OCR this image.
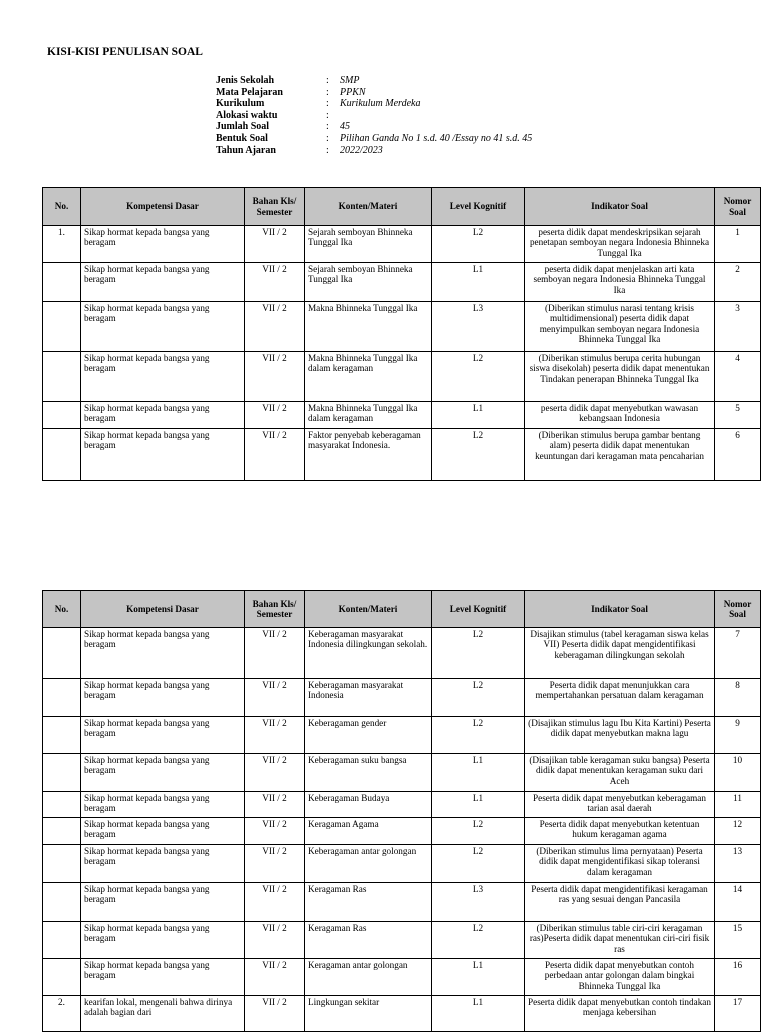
KISI-KISI PENULISAN SOAL
Jenis Sekolah	:	SMP
Mata Pelajaran	:	PPKN
Kurikulum	:	Kurikulum Merdeka
Alokasi waktu	:
Jumlah Soal	:	45
Bentuk Soal	:	Pilihan Ganda No 1 s.d. 40 /Essay no 41 s.d. 45
Tahun Ajaran	:	2022/2023
No.	Kompetensi Dasar	Bahan Kls/ Semester	Konten/Materi	Level Kognitif	Indikator Soal	Nomor Soal
1.	Sikap hormat kepada bangsa yang beragam	VII / 2	Sejarah semboyan Bhinneka Tunggal Ika	L2	peserta didik dapat mendeskripsikan sejarah penetapan semboyan negara Indonesia Bhinneka Tunggal Ika	1
	Sikap hormat kepada bangsa yang beragam	VII / 2	Sejarah semboyan Bhinneka Tunggal Ika	L1	peserta didik dapat menjelaskan arti kata semboyan negara Indonesia Bhinneka Tunggal Ika	2
	Sikap hormat kepada bangsa yang beragam	VII / 2	Makna Bhinneka Tunggal Ika	L3	(Diberikan stimulus narasi tentang krisis multidimensional) peserta didik dapat menyimpulkan semboyan negara Indonesia Bhinneka Tunggal Ika	3
	Sikap hormat kepada bangsa yang beragam	VII / 2	Makna Bhinneka Tunggal Ika dalam keragaman	L2	(Diberikan stimulus berupa cerita hubungan siswa disekolah) peserta didik dapat menentukan Tindakan penerapan Bhinneka Tunggal Ika	4
	Sikap hormat kepada bangsa yang beragam	VII / 2	Makna Bhinneka Tunggal Ika dalam keragaman	L1	peserta didik dapat menyebutkan wawasan kebangsaan Indonesia	5
	Sikap hormat kepada bangsa yang beragam	VII / 2	Faktor penyebab keberagaman masyarakat Indonesia.	L2	(Diberikan stimulus berupa gambar bentang alam) peserta didik dapat menentukan keuntungan dari keragaman mata pencaharian	6
No.	Kompetensi Dasar	Bahan Kls/ Semester	Konten/Materi	Level Kognitif	Indikator Soal	Nomor Soal
	Sikap hormat kepada bangsa yang beragam	VII / 2	Keberagaman masyarakat Indonesia dilingkungan sekolah.	L2	Disajikan stimulus (tabel keragaman siswa kelas VII) Peserta didik dapat mengidentifikasi keberagaman dilingkungan sekolah	7
	Sikap hormat kepada bangsa yang beragam	VII / 2	Keberagaman masyarakat Indonesia	L2	Peserta didik dapat menunjukkan cara mempertahankan persatuan dalam keragaman	8
	Sikap hormat kepada bangsa yang beragam	VII / 2	Keberagaman gender	L2	(Disajikan stimulus lagu Ibu Kita Kartini) Peserta didik dapat menyebutkan makna lagu	9
	Sikap hormat kepada bangsa yang beragam	VII / 2	Keberagaman suku bangsa	L1	(Disajikan table keragaman suku bangsa) Peserta didik dapat menentukan keragaman suku dari Aceh	10
	Sikap hormat kepada bangsa yang beragam	VII / 2	Keberagaman Budaya	L1	Peserta didik dapat menyebutkan keberagaman tarian asal daerah	11
	Sikap hormat kepada bangsa yang beragam	VII / 2	Keragaman Agama	L2	Peserta didik dapat menyebutkan ketentuan hukum keragaman agama	12
	Sikap hormat kepada bangsa yang beragam	VII / 2	Keberagaman antar golongan	L2	(Diberikan stimulus lima pernyataan) Peserta didik dapat mengidentifikasi sikap toleransi dalam keragaman	13
	Sikap hormat kepada bangsa yang beragam	VII / 2	Keragaman Ras	L3	Peserta didik dapat mengidentifikasi keragaman ras yang sesuai dengan Pancasila	14
	Sikap hormat kepada bangsa yang beragam	VII / 2	Keragaman Ras	L2	(Diberikan stimulus table ciri-ciri keragaman ras)Peserta didik dapat menentukan ciri-ciri fisik ras	15
	Sikap hormat kepada bangsa yang beragam	VII / 2	Keragaman antar golongan	L1	Peserta didik dapat menyebutkan contoh perbedaan antar golongan dalam bingkai Bhinneka Tunggal Ika	16
2.	kearifan lokal, mengenali bahwa dirinya adalah bagian dari	VII / 2	Lingkungan sekitar	L1	Peserta didik dapat menyebutkan contoh tindakan menjaga kebersihan	17
